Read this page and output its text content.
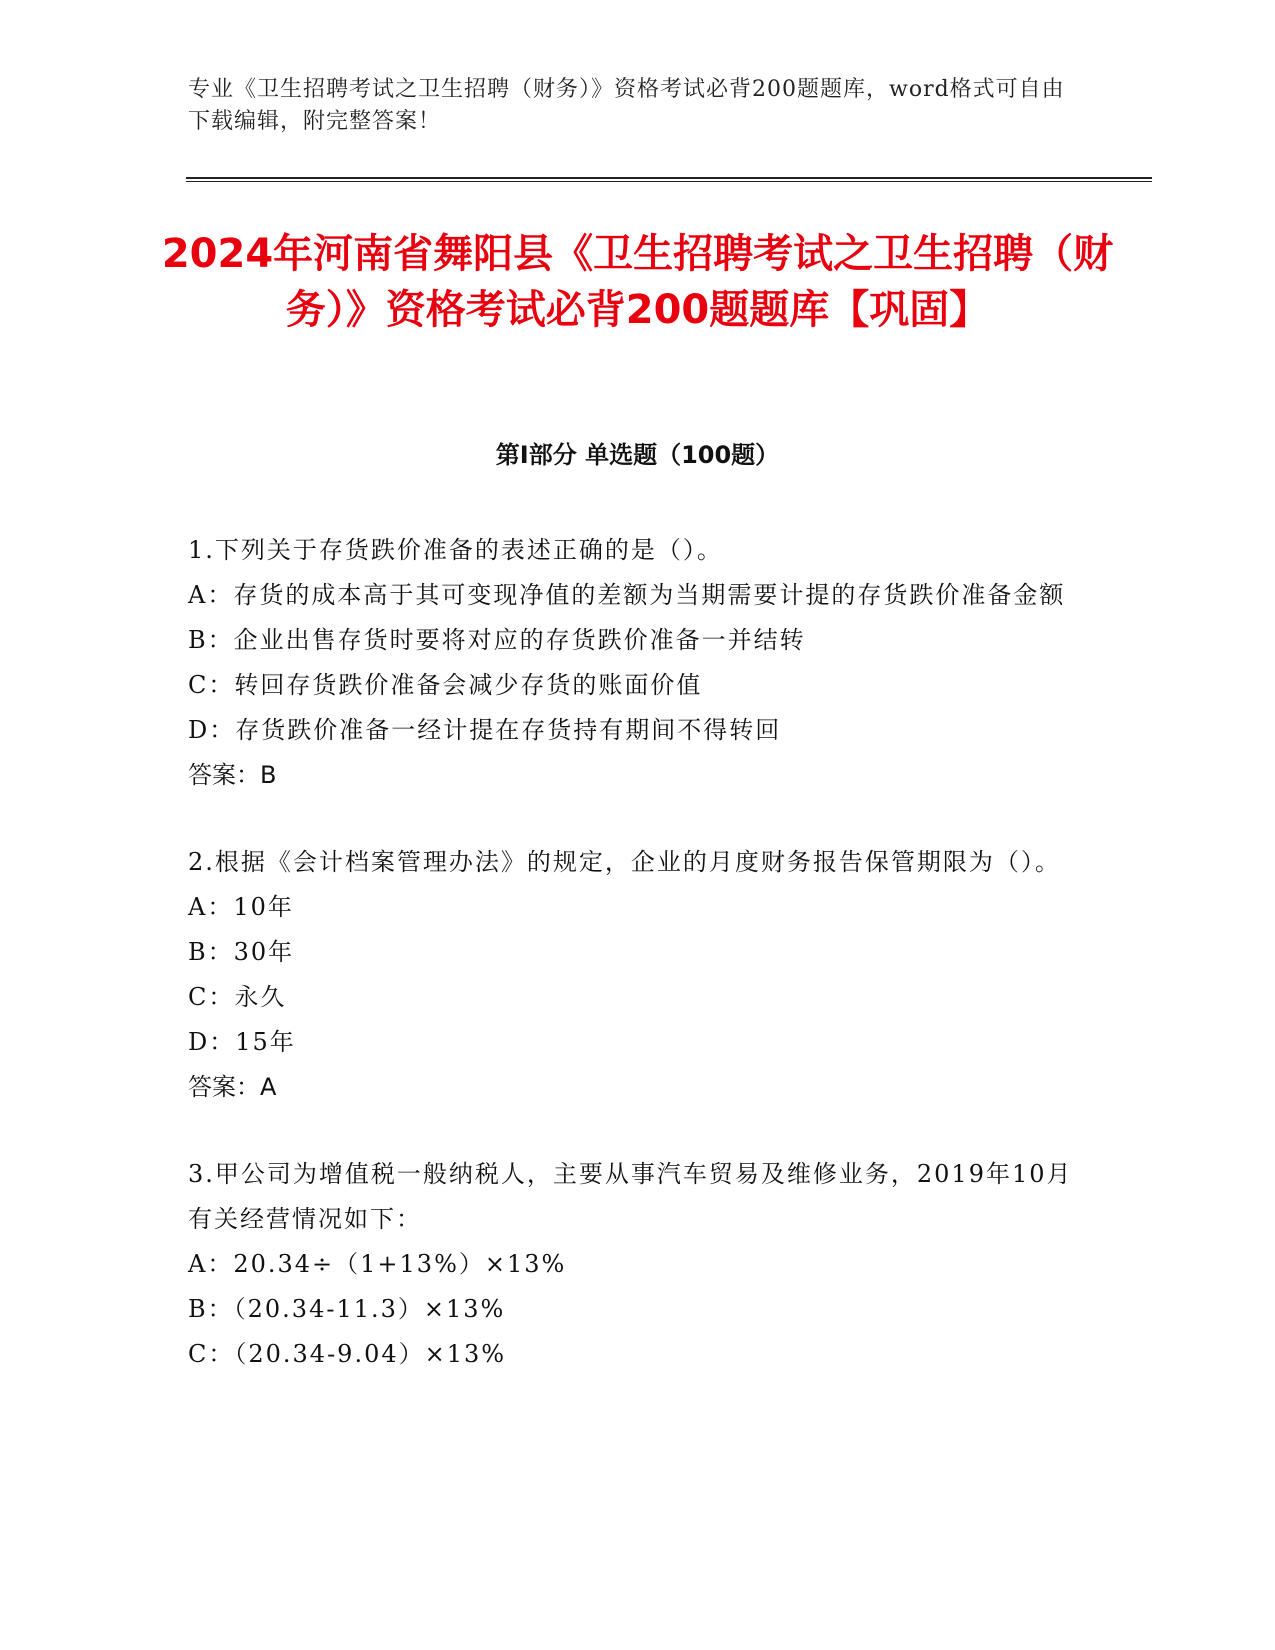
专业《卫生招聘考试之卫生招聘（财务）》资格考试必背200题题库，word格式可自由下载编辑，附完整答案！
2024年河南省舞阳县《卫生招聘考试之卫生招聘（财务）》资格考试必背200题题库【巩固】
第I部分 单选题（100题）

1.下列关于存货跌价准备的表述正确的是（）。

A：存货的成本高于其可变现净值的差额为当期需要计提的存货跌价准备金额

B：企业出售存货时要将对应的存货跌价准备一并结转

C：转回存货跌价准备会减少存货的账面价值

D：存货跌价准备一经计提在存货持有期间不得转回

答案：B

2.根据《会计档案管理办法》的规定，企业的月度财务报告保管期限为（）。

A：10年

B：30年

C：永久

D：15年

答案：A

3.甲公司为增值税一般纳税人，主要从事汽车贸易及维修业务，2019年10月有关经营情况如下：

A：20.34÷（1+13%）×13%

B：（20.34-11.3）×13%

C：（20.34-9.04）×13%
